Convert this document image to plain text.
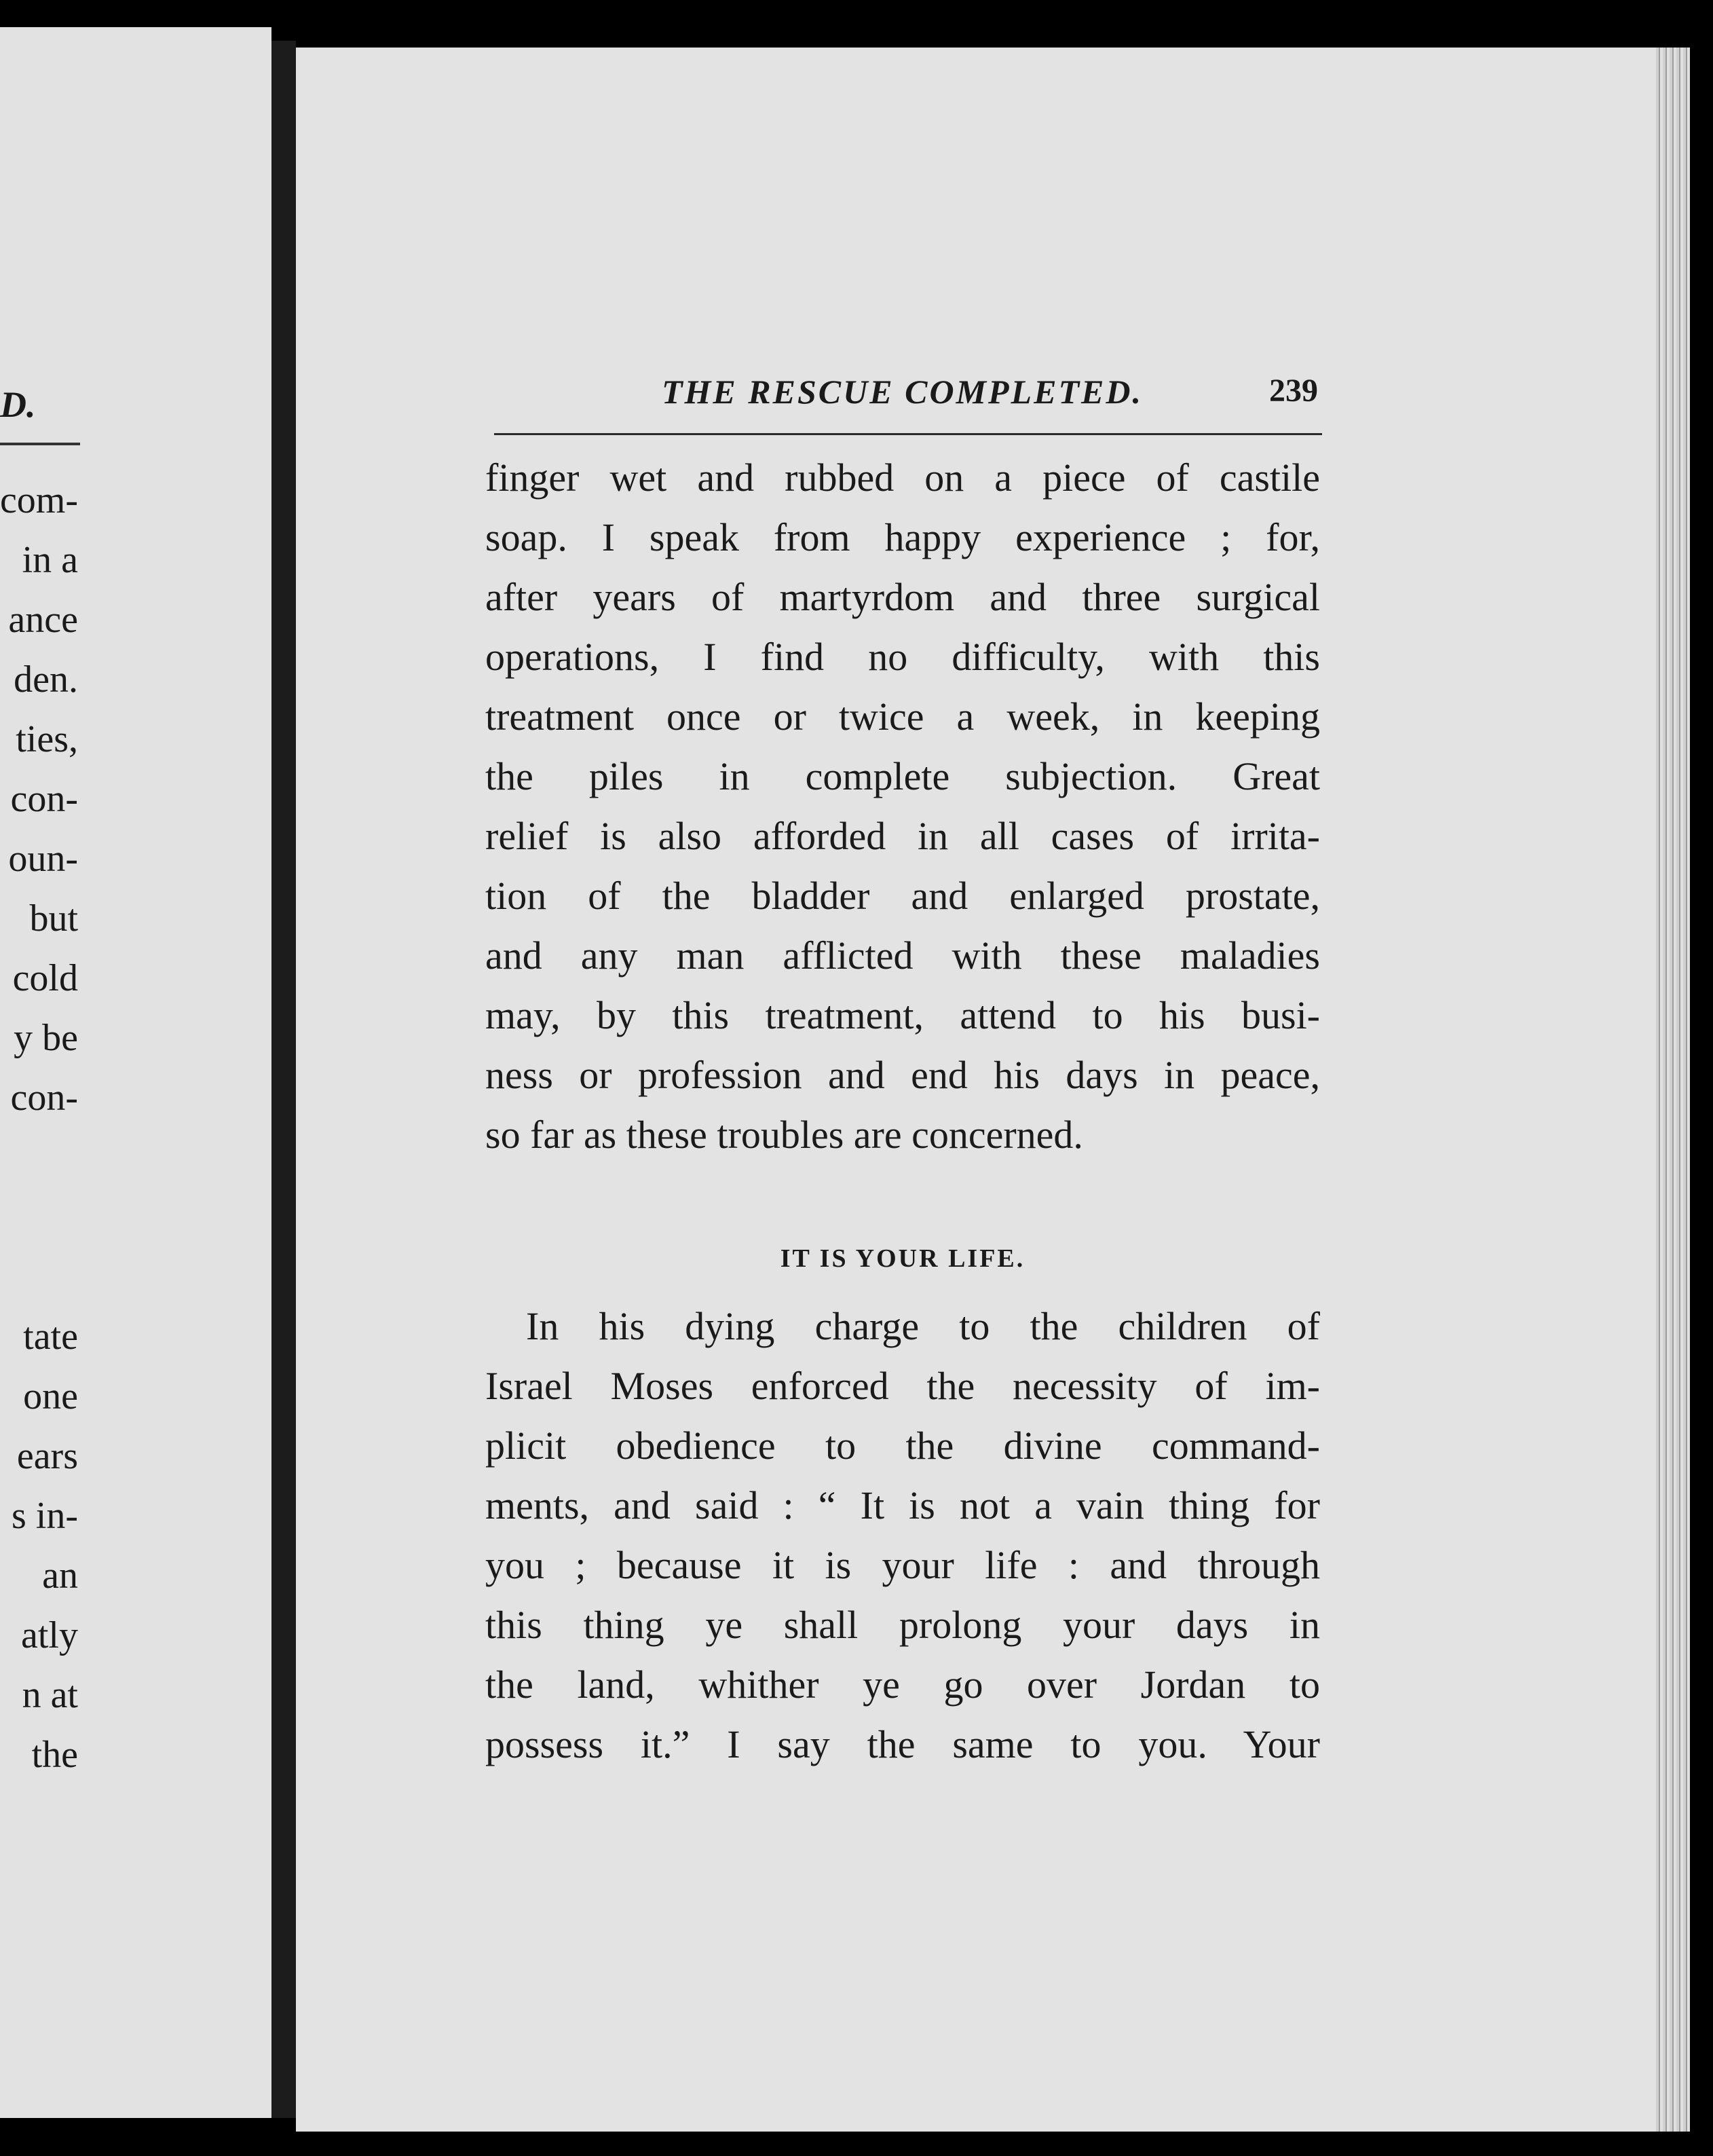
D.
com-
in a
ance
den.
ties,
con-
oun-
but
cold
y be
con-
tate
one
ears
s in-
an
atly
n at
the
THE RESCUE COMPLETED.	239
finger wet and rubbed on a piece of castile
soap. I speak from happy experience ; for,
after years of martyrdom and three surgical
operations, I find no difficulty, with this
treatment once or twice a week, in keeping
the piles in complete subjection. Great
relief is also afforded in all cases of irrita-
tion of the bladder and enlarged prostate,
and any man afflicted with these maladies
may, by this treatment, attend to his busi-
ness or profession and end his days in peace,
so far as these troubles are concerned.
IT IS YOUR LIFE.
In his dying charge to the children of
Israel Moses enforced the necessity of im-
plicit obedience to the divine command-
ments, and said : “ It is not a vain thing for
you ; because it is your life : and through
this thing ye shall prolong your days in
the land, whither ye go over Jordan to
possess it.” I say the same to you. Your
